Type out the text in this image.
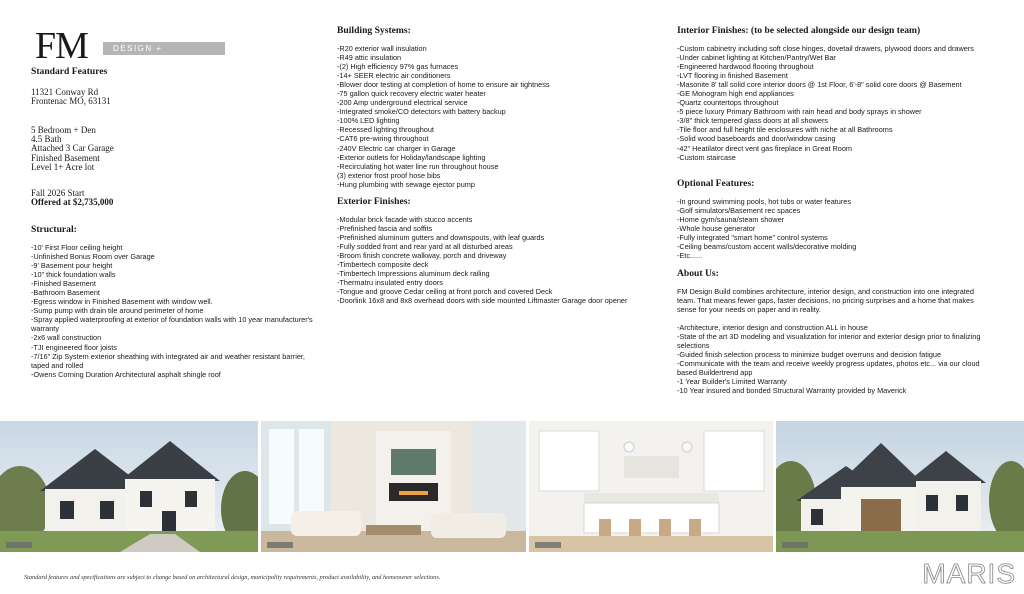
FM	DESIGN + BUILD
Standard Features

11321 Conway Rd

Frontenac MO, 63131

5 Bedroom + Den

4.5 Bath

Attached 3 Car Garage

Finished Basement

Level 1+ Acre lot

Fall 2026 Start

Offered at $2,735,000

Structural:

-10' First Floor ceiling height
-Unfinished Bonus Room over Garage
-9' Basement pour height
-10" thick foundation walls
-Finished Basement
-Bathroom Basement
-Egress window in Finished Basement with window well.
-Sump pump with drain tile around perimeter of home
-Spray applied waterproofing at exterior of foundation walls with 10 year manufacturer's warranty
-2x6 wall construction
-TJI engineered floor joists
-7/16" Zip System exterior sheathing with integrated air and weather resistant barrier, taped and rolled
-Owens Corning Duration Architectural asphalt shingle roof

Building Systems:

-R20 exterior wall insulation
-R49 attic insulation
-(2) High efficiency 97% gas furnaces
-14+ SEER electric air conditioners
-Blower door testing at completion of home to ensure air tightness
-75 gallon quick recovery electric water heater
-200 Amp underground electrical service
-Integrated smoke/CO detectors with battery backup
-100% LED lighting
-Recessed lighting throughout
-CAT6 pre-wiring throughout
-240V Electric car charger in Garage
-Exterior outlets for Holiday/landscape lighting
-Recirculating hot water line run throughout house
(3) exterior frost proof hose bibs
-Hung plumbing with sewage ejector pump

Exterior Finishes:

-Modular brick facade with stucco accents
-Prefinished fascia and soffits
-Prefinished aluminum gutters and downspouts, with leaf guards
-Fully sodded front and rear yard at all disturbed areas
-Broom finish concrete walkway, porch and driveway
-Timbertech composite deck
-Timbertech Impressions aluminum deck railing
-Thermatru insulated entry doors
-Tongue and groove Cedar ceiling at front porch and covered Deck
-Doorlink 16x8 and 8x8 overhead doors with side mounted Liftmaster Garage door opener

Interior Finishes: (to be selected alongside our design team)

-Custom cabinetry including soft close hinges, dovetail drawers, plywood doors and drawers
-Under cabinet lighting at Kitchen/Pantry/Wet Bar
-Engineered hardwood flooring throughout
-LVT flooring in finished Basement
-Masonite 8' tall solid core interior doors @ 1st Floor, 6'-8" solid core doors @ Basement
-GE Monogram high end appliances
-Quartz countertops throughout
-5 piece luxury Primary Bathroom with rain head and body sprays in shower
-3/8" thick tempered glass doors at all showers
-Tile floor and full height tile enclosures with niche at all Bathrooms
-Solid wood baseboards and door/window casing
-42" Heatilator direct vent gas fireplace in Great Room
-Custom staircase

Optional Features:

-In ground swimming pools, hot tubs or water features
-Golf simulators/Basement rec spaces
-Home gym/sauna/steam shower
-Whole house generator
-Fully integrated "smart home" control systems
-Ceiling beams/custom accent walls/decorative molding
-Etc......

About Us:

FM Design Build combines architecture, interior design, and construction into one integrated team. That means fewer gaps, faster decisions, no pricing surprises and a home that makes sense for your needs on paper and in reality.

-Architecture, interior design and construction ALL in house
-State of the art 3D modeling and visualization for interior and exterior design prior to finalizing selections
-Guided finish selection process to minimize budget overruns and decision fatigue
-Communicate with the team and receive weekly progress updates, photos etc... via our cloud based Buildertrend app
-1 Year Builder's Limited Warranty
-10 Year insured and bonded Structural Warranty provided by Maverick
Standard features and specifications are subject to change based on architectural design, municipality requirements, product availability, and homeowner selections.	MARIS
